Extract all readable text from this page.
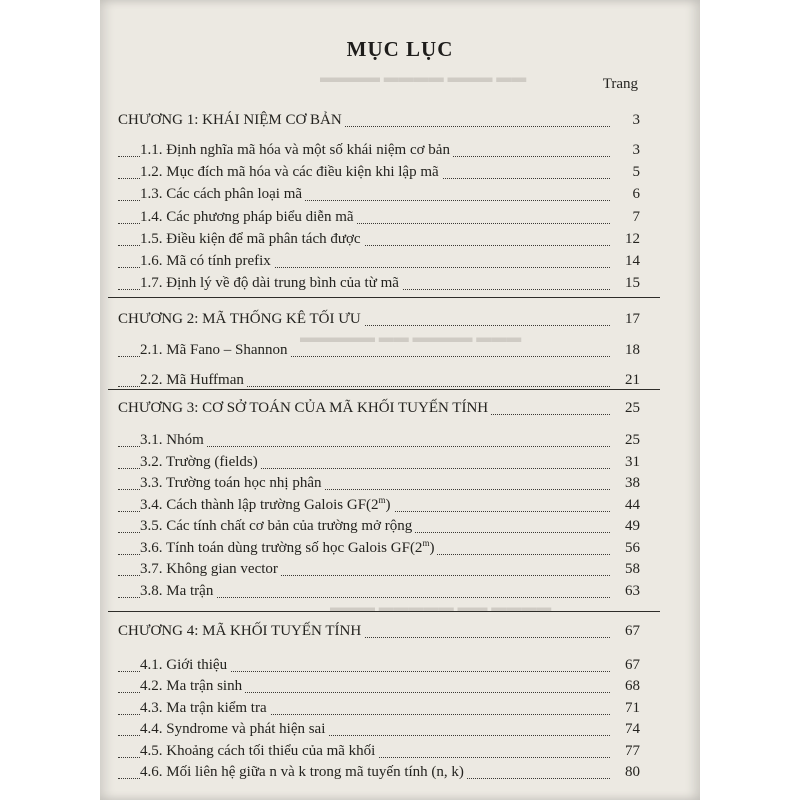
▬▬ ▬▬▬ ▬▬▬▬ ▬▬▬▬
▬▬▬ ▬▬▬▬ ▬▬ ▬▬▬▬▬
▬▬▬▬ ▬▬ ▬▬▬▬▬ ▬▬▬
MỤC LỤC
Trang
CHƯƠNG 1: KHÁI NIỆM CƠ BẢN	3
1.1. Định nghĩa mã hóa và một số khái niệm cơ bản	3
1.2. Mục đích mã hóa và các điều kiện khi lập mã	5
1.3. Các cách phân loại mã	6
1.4. Các phương pháp biểu diễn mã	7
1.5. Điều kiện để mã phân tách được	12
1.6. Mã có tính prefix	14
1.7. Định lý về độ dài trung bình của từ mã	15
CHƯƠNG 2: MÃ THỐNG KÊ TỐI ƯU	17
2.1. Mã Fano – Shannon	18
2.2. Mã Huffman	21
CHƯƠNG 3: CƠ SỞ TOÁN CỦA MÃ KHỐI TUYẾN TÍNH	25
3.1. Nhóm	25
3.2. Trường (fields)	31
3.3. Trường toán học nhị phân	38
3.4. Cách thành lập trường Galois GF(2$^m$)	44
3.5. Các tính chất cơ bản của trường mở rộng	49
3.6. Tính toán dùng trường số học Galois GF(2$^m$)	56
3.7. Không gian vector	58
3.8. Ma trận	63
CHƯƠNG 4: MÃ KHỐI TUYẾN TÍNH	67
4.1. Giới thiệu	67
4.2. Ma trận sinh	68
4.3. Ma trận kiểm tra	71
4.4. Syndrome và phát hiện sai	74
4.5. Khoảng cách tối thiểu của mã khối	77
4.6. Mối liên hệ giữa n và k trong mã tuyến tính (n, k)	80
